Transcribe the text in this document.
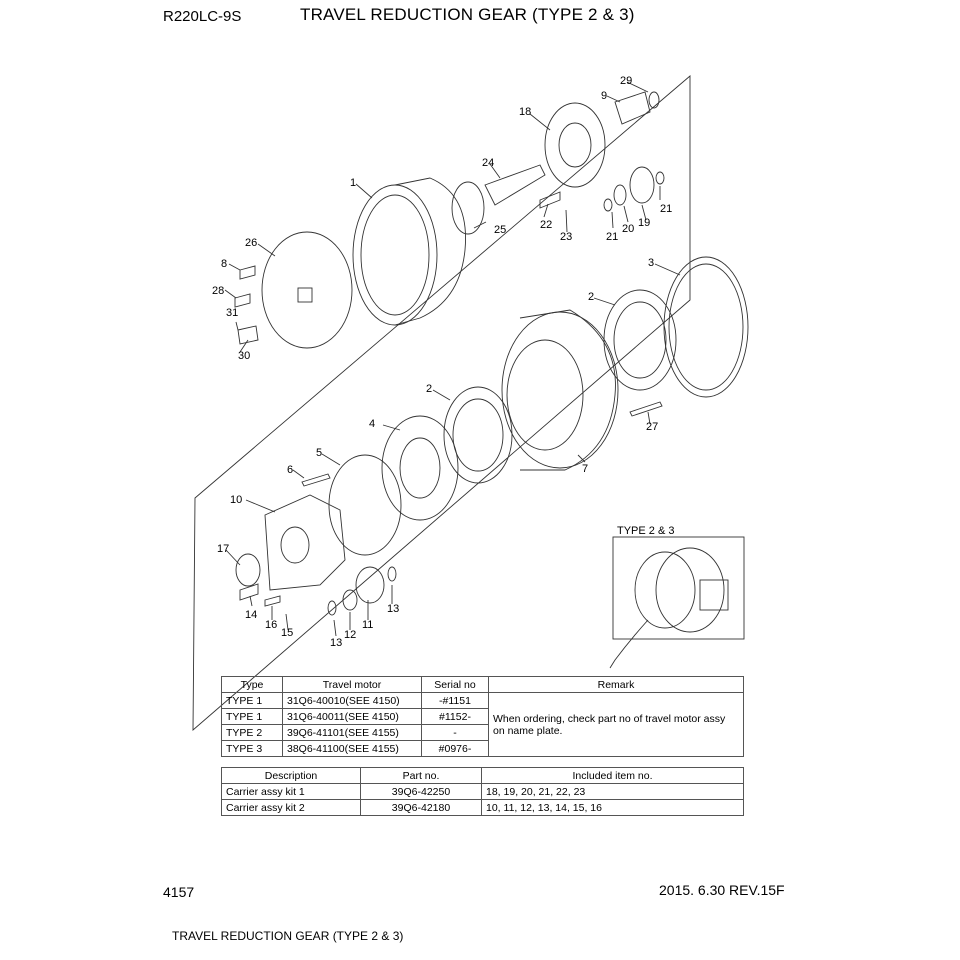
R220LC-9S	TRAVEL REDUCTION GEAR (TYPE 2 & 3)
29
9
18
24
1
25	22
23	21
20 19
21
26
8
28
31
30
3
2
2
27
4
7
5
6
10
17
14
16
15
13
12
11
13
TYPE 2 & 3
Type	Travel motor	Serial no	Remark
TYPE 1	31Q6-40010(SEE 4150)	-#1151	When ordering, check part no of travel motor assy on name plate.
TYPE 1	31Q6-40011(SEE 4150)	#1152-	
TYPE 2	39Q6-41101(SEE 4155)	-	
TYPE 3	38Q6-41100(SEE 4155)	#0976-	
Description	Part no.	Included item no.
Carrier assy kit 1	39Q6-42250	18, 19, 20, 21, 22, 23
Carrier assy kit 2	39Q6-42180	10, 11, 12, 13, 14, 15, 16
4157	2015. 6.30 REV.15F
TRAVEL REDUCTION GEAR (TYPE 2 & 3)
